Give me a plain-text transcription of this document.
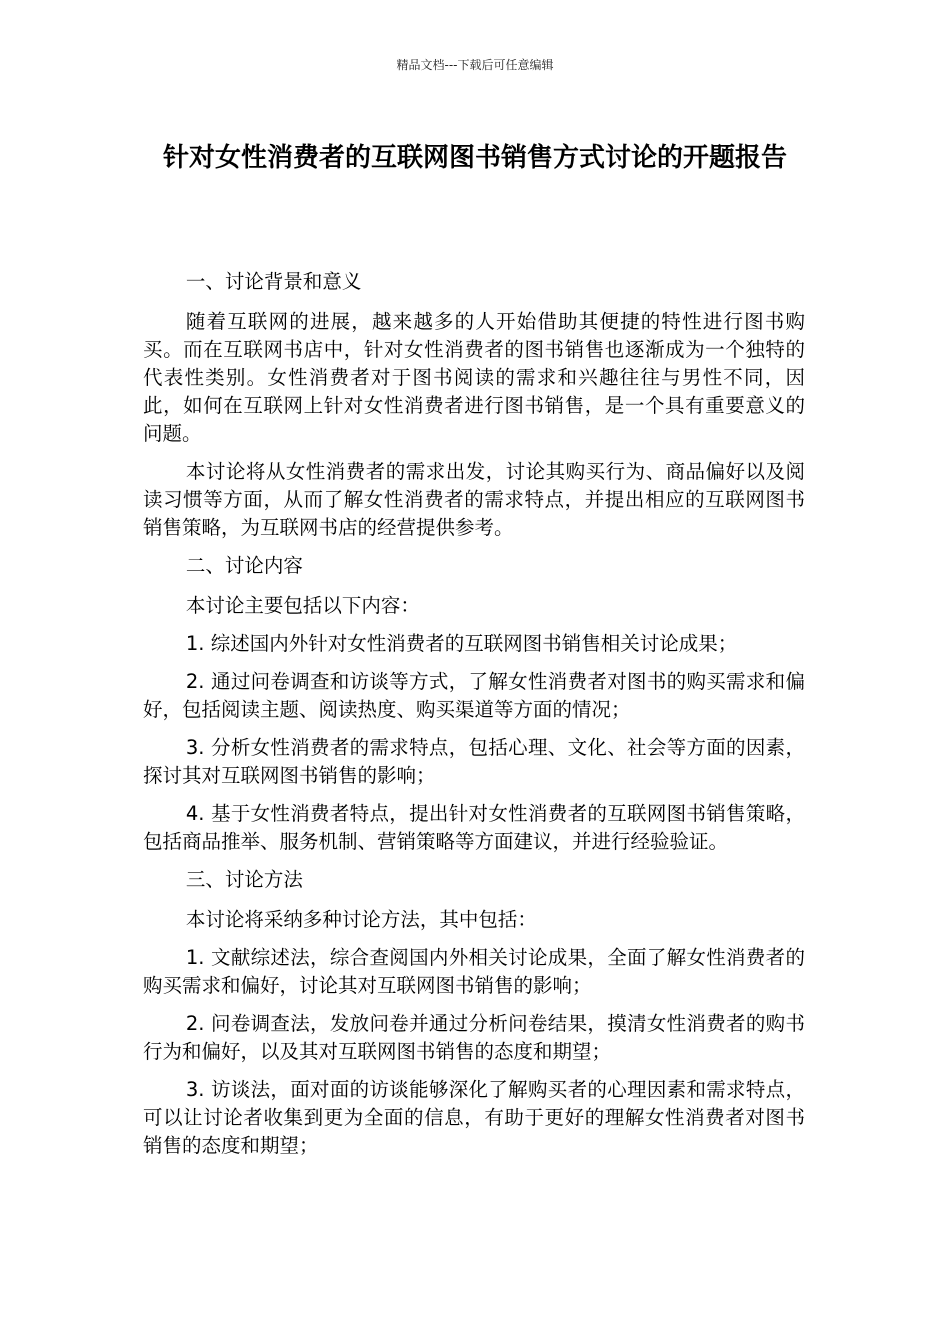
精品文档---下载后可任意编辑
针对女性消费者的互联网图书销售方式讨论的开题报告

一、讨论背景和意义

随着互联网的进展，越来越多的人开始借助其便捷的特性进行图书购买。而在互联网书店中，针对女性消费者的图书销售也逐渐成为一个独特的代表性类别。女性消费者对于图书阅读的需求和兴趣往往与男性不同，因此，如何在互联网上针对女性消费者进行图书销售，是一个具有重要意义的问题。

本讨论将从女性消费者的需求出发，讨论其购买行为、商品偏好以及阅读习惯等方面，从而了解女性消费者的需求特点，并提出相应的互联网图书销售策略，为互联网书店的经营提供参考。

二、讨论内容

本讨论主要包括以下内容：

1. 综述国内外针对女性消费者的互联网图书销售相关讨论成果；

2. 通过问卷调查和访谈等方式，了解女性消费者对图书的购买需求和偏好，包括阅读主题、阅读热度、购买渠道等方面的情况；

3. 分析女性消费者的需求特点，包括心理、文化、社会等方面的因素，探讨其对互联网图书销售的影响；

4. 基于女性消费者特点，提出针对女性消费者的互联网图书销售策略，包括商品推举、服务机制、营销策略等方面建议，并进行经验验证。

三、讨论方法

本讨论将采纳多种讨论方法，其中包括：

1. 文献综述法，综合查阅国内外相关讨论成果，全面了解女性消费者的购买需求和偏好，讨论其对互联网图书销售的影响；

2. 问卷调查法，发放问卷并通过分析问卷结果，摸清女性消费者的购书行为和偏好，以及其对互联网图书销售的态度和期望；

3. 访谈法，面对面的访谈能够深化了解购买者的心理因素和需求特点，可以让讨论者收集到更为全面的信息，有助于更好的理解女性消费者对图书销售的态度和期望；
